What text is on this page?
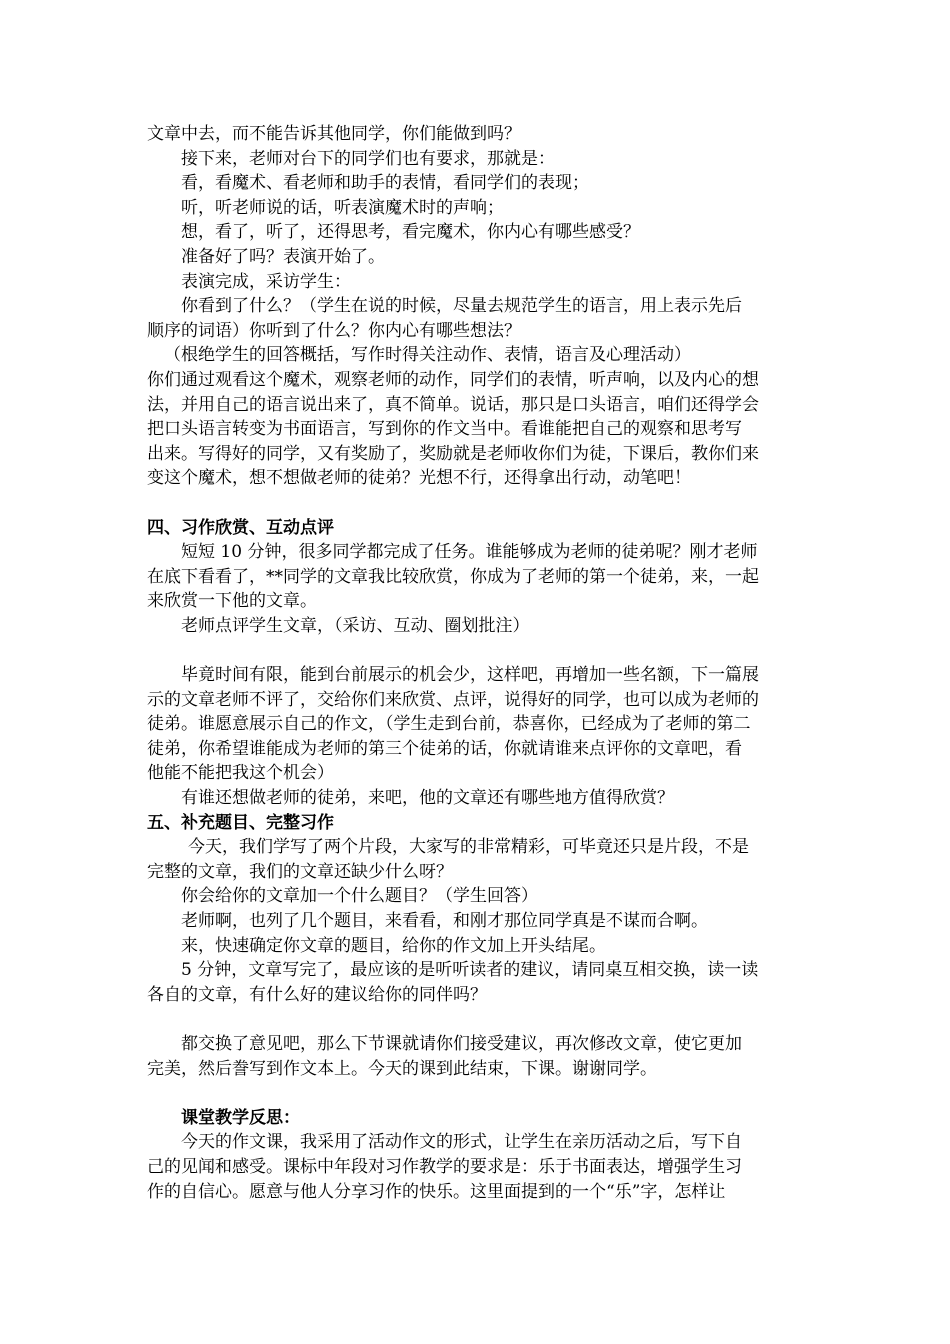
文章中去，而不能告诉其他同学，你们能做到吗？
接下来，老师对台下的同学们也有要求，那就是：
看，看魔术、看老师和助手的表情，看同学们的表现；
听，听老师说的话，听表演魔术时的声响；
想，看了，听了，还得思考，看完魔术，你内心有哪些感受？
准备好了吗？表演开始了。
表演完成，采访学生：
你看到了什么？（学生在说的时候，尽量去规范学生的语言，用上表示先后
顺序的词语）你听到了什么？你内心有哪些想法？
（根绝学生的回答概括，写作时得关注动作、表情，语言及心理活动）
你们通过观看这个魔术，观察老师的动作，同学们的表情，听声响，以及内心的想
法，并用自己的语言说出来了，真不简单。说话，那只是口头语言，咱们还得学会
把口头语言转变为书面语言，写到你的作文当中。看谁能把自己的观察和思考写
出来。写得好的同学，又有奖励了，奖励就是老师收你们为徒，下课后，教你们来
变这个魔术，想不想做老师的徒弟？光想不行，还得拿出行动，动笔吧！
四、习作欣赏、互动点评
短短 10 分钟，很多同学都完成了任务。谁能够成为老师的徒弟呢？刚才老师
在底下看看了，**同学的文章我比较欣赏，你成为了老师的第一个徒弟，来，一起
来欣赏一下他的文章。
老师点评学生文章，（采访、互动、圈划批注）
毕竟时间有限，能到台前展示的机会少，这样吧，再增加一些名额，下一篇展
示的文章老师不评了，交给你们来欣赏、点评，说得好的同学，也可以成为老师的
徒弟。谁愿意展示自己的作文，（学生走到台前，恭喜你，已经成为了老师的第二
徒弟，你希望谁能成为老师的第三个徒弟的话，你就请谁来点评你的文章吧，看
他能不能把我这个机会）
有谁还想做老师的徒弟，来吧，他的文章还有哪些地方值得欣赏？
五、补充题目、完整习作
今天，我们学写了两个片段，大家写的非常精彩，可毕竟还只是片段，不是
完整的文章，我们的文章还缺少什么呀？
你会给你的文章加一个什么题目？（学生回答）
老师啊，也列了几个题目，来看看，和刚才那位同学真是不谋而合啊。
来，快速确定你文章的题目，给你的作文加上开头结尾。
5 分钟，文章写完了，最应该的是听听读者的建议，请同桌互相交换，读一读
各自的文章，有什么好的建议给你的同伴吗？
都交换了意见吧，那么下节课就请你们接受建议，再次修改文章，使它更加
完美，然后誊写到作文本上。今天的课到此结束，下课。谢谢同学。
课堂教学反思：
今天的作文课，我采用了活动作文的形式，让学生在亲历活动之后，写下自
己的见闻和感受。课标中年段对习作教学的要求是：乐于书面表达，增强学生习
作的自信心。愿意与他人分享习作的快乐。这里面提到的一个“乐”字，怎样让
